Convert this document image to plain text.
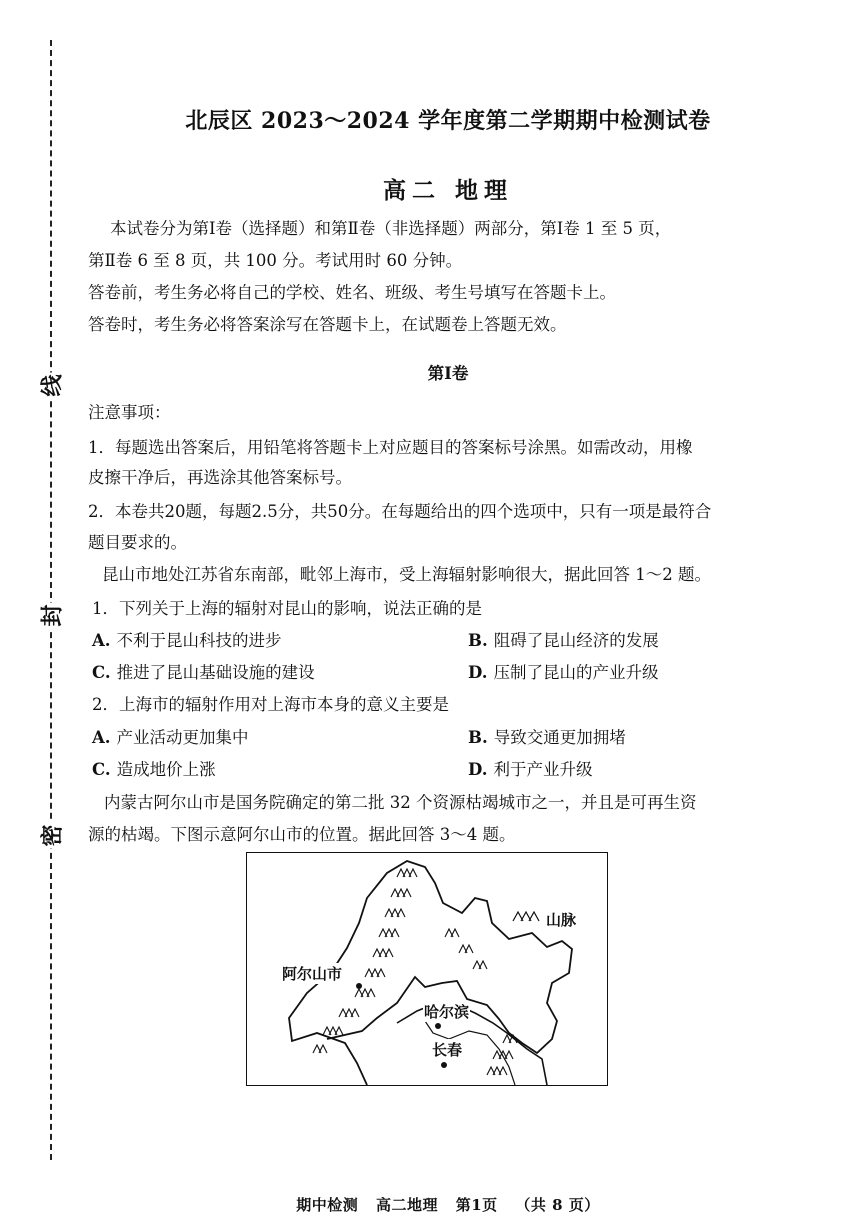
线
封
密
北辰区 2023～2024 学年度第二学期期中检测试卷
高二 地理
本试卷分为第Ⅰ卷（选择题）和第Ⅱ卷（非选择题）两部分，第Ⅰ卷 1 至 5 页，
第Ⅱ卷 6 至 8 页，共 100 分。考试用时 60 分钟。
答卷前，考生务必将自己的学校、姓名、班级、考生号填写在答题卡上。
答卷时，考生务必将答案涂写在答题卡上，在试题卷上答题无效。
第Ⅰ卷
注意事项：
1．每题选出答案后，用铅笔将答题卡上对应题目的答案标号涂黑。如需改动，用橡
皮擦干净后，再选涂其他答案标号。
2．本卷共20题，每题2.5分，共50分。在每题给出的四个选项中，只有一项是最符合
题目要求的。
昆山市地处江苏省东南部，毗邻上海市，受上海辐射影响很大，据此回答 1～2 题。
1．下列关于上海的辐射对昆山的影响，说法正确的是
A. 不利于昆山科技的进步	B. 阻碍了昆山经济的发展
C. 推进了昆山基础设施的建设	D. 压制了昆山的产业升级
2．上海市的辐射作用对上海市本身的意义主要是
A. 产业活动更加集中	B. 导致交通更加拥堵
C. 造成地价上涨	D. 利于产业升级
内蒙古阿尔山市是国务院确定的第二批 32 个资源枯竭城市之一，并且是可再生资
源的枯竭。下图示意阿尔山市的位置。据此回答 3～4 题。
期中检测 高二地理 第1页 （共 8 页）
山脉
阿尔山市
哈尔滨
长春
